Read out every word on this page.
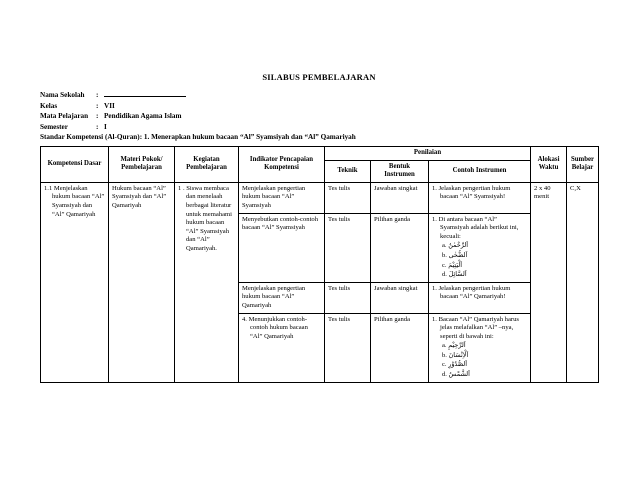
SILABUS PEMBELAJARAN
Nama Sekolah :
Kelas	: VII
Mata Pelajaran : Pendidikan Agama Islam
Semester	: I
Standar Kompetensi (Al-Quran): 1. Menerapkan hukum bacaan “Al” Syamsiyah dan “Al” Qamariyah
Kompetensi Dasar	Materi Pokok/ Pembelajaran	Kegiatan Pembelajaran	Indikator Pencapaian Kompetensi	Penilaian			Alokasi Waktu	Sumber Belajar
				Teknik	Bentuk Instrumen	Contoh Instrumen		

1.1 Menjelaskan hukum bacaan “Al” Syamsiyah dan “Al” Qamariyah	Hukum bacaan “Al” Syamsiyah dan “Al” Qamariyah	1 . Siswa membaca dan menelaah berbagai literatur untuk memahami hukum bacaan “Al” Syamsiyah dan “Al” Qamariyah.	Menjelaskan pengertian hukum bacaan “Al” Syamsiyah	Tes tulis	Jawaban singkat	1. Jelaskan pengertian hukum bacaan “Al” Syamsiyah!	2 x 40 menit	C,X
			Menyebutkan contoh-contoh bacaan “Al” Syamsiyah	Tes tulis	Pilihan ganda	1. Di antara bacaan “Al” Syamsiyah adalah berikut ini, kecuali:
a. اَلرَّحْمٰنُ
b. اَلضُّحٰى
c. اَلْيَتِيْمَ
d. اَلسَّائِلَ		

			Menjelaskan pengertian hukum bacaan “Al” Qamariyah	Tes tulis	Jawaban singkat	1. Jelaskan pengertian hukum bacaan “Al” Qamariyah!		

			4. Menunjukkan contoh-contoh hukum bacaan “Al” Qamariyah	Tes tulis	Pilihan ganda	1. Bacaan “Al” Qamariyah harus jelas melafalkan “Al” –nya, seperti di bawah ini:
a. اَلرَّحِيْمِ
b. اَلْاِنْسَانَ
c. اَلصُّدُوْرِ
d. اَلشَّمْسُ		
